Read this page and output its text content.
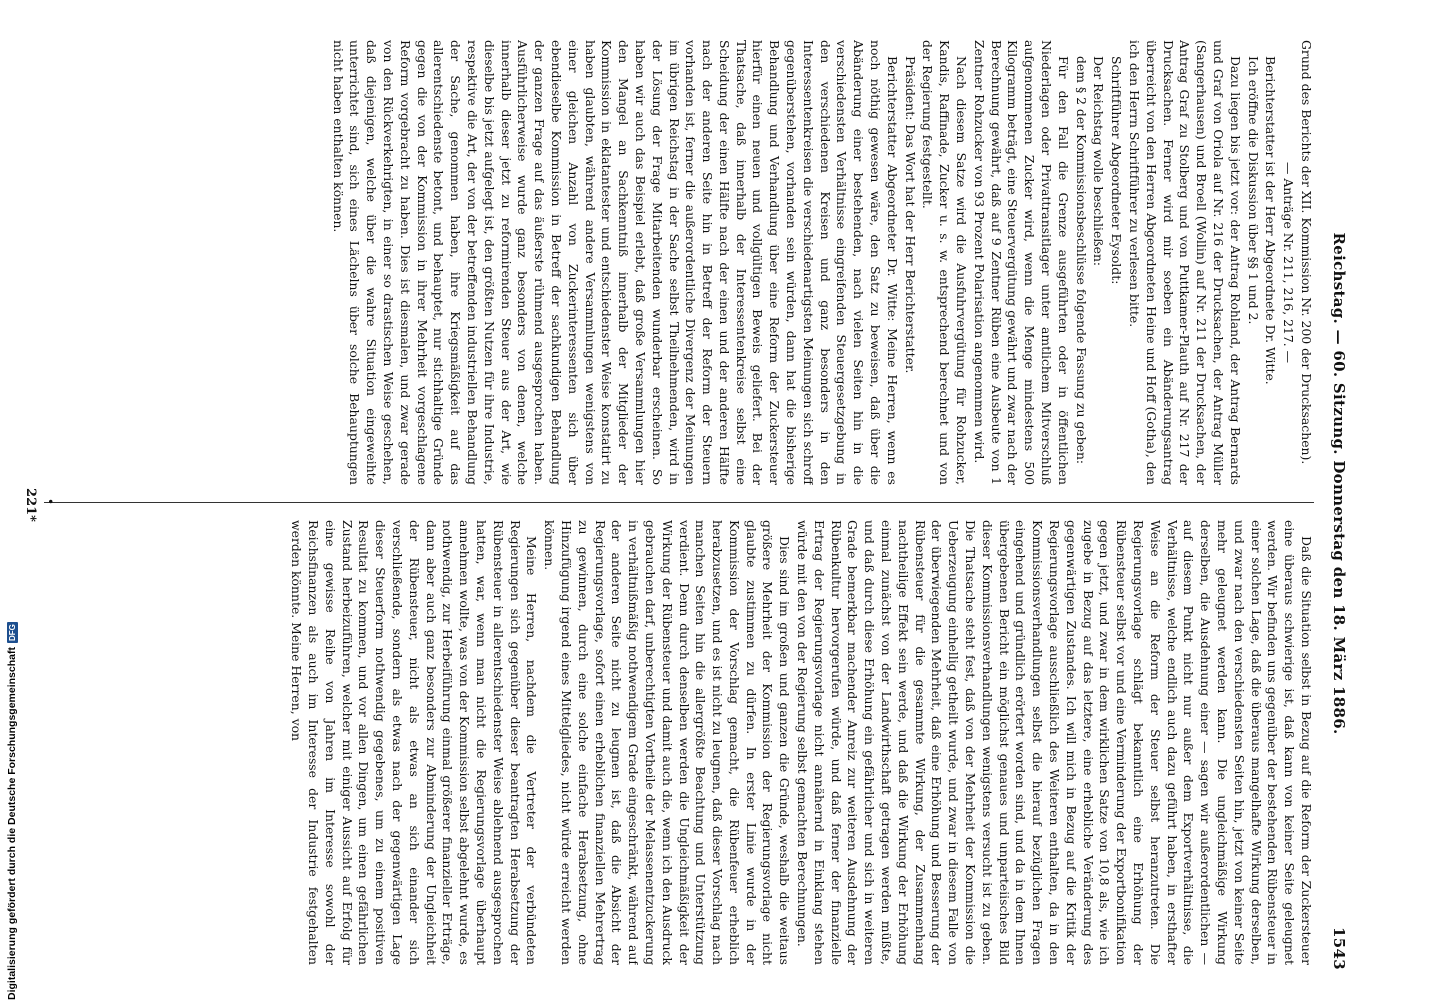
Reichstag. — 60. Sitzung. Donnerstag den 18. März 1886.
1543

Grund des Berichts der XII. Kommission Nr. 200 der Drucksachen).

— Anträge Nr. 211, 216, 217. —

Berichterstatter ist der Herr Abgeordnete Dr. Witte.

Ich eröffne die Diskussion über §§ 1 und 2.

Dazu liegen bis jetzt vor: der Antrag Rohland, der Antrag Bernards und Graf von Oriola auf Nr. 216 der Drucksachen, der Antrag Müller (Sangerhausen) und Broell (Wollin) auf Nr. 211 der Drucksachen, der Antrag Graf zu Stolberg und von Puttkamer-Plauth auf Nr. 217 der Drucksachen. Ferner wird mir soeben ein Abänderungsantrag überreicht von den Herren Abgeordneten Heine und Hoff (Gotha), den ich den Herrn Schriftführer zu verlesen bitte.

Schriftführer Abgeordneter Eysoldt:

Der Reichstag wolle beschließen:

dem § 2 der Kommissionsbeschlüsse folgende Fassung zu geben:

Für den Fall die Grenze ausgeführten oder in öffentlichen Niederlagen oder Privattransitlager unter amtlichem Mitverschluß aufgenommenen Zucker wird, wenn die Menge mindestens 500 Kilogramm beträgt, eine Steuervergütung gewährt und zwar nach der Berechnung gewährt, daß auf 9 Zentner Rüben eine Ausbeute von 1 Zentner Rohzucker von 93 Prozent Polarisation angenommen wird.

Nach diesem Satze wird die Ausfuhrvergütung für Rohzucker, Kandis, Raffinade, Zucker u. s. w. entsprechend berechnet und von der Regierung festgestellt.

Präsident: Das Wort hat der Herr Berichterstatter.

Berichterstatter Abgeordneter Dr. Witte: Meine Herren, wenn es noch nöthig gewesen wäre, den Satz zu beweisen, daß über die Abänderung einer bestehenden, nach vielen Seiten hin in die verschiedensten Verhältnisse eingreifenden Steuergesetzgebung in den verschiedenen Kreisen und ganz besonders in den Interessentenkreisen die verschiedenartigsten Meinungen sich schroff gegenüberstehen, vorhanden sein würden, dann hat die bisherige Behandlung und Verhandlung über eine Reform der Zuckersteuer hierfür einen neuen und vollgültigen Beweis geliefert. Bei der Thatsache, daß innerhalb der Interessentenkreise selbst eine Scheidung der einen Hälfte nach der einen und der anderen Hälfte nach der anderen Seite hin in Betreff der Reform der Steuern vorhanden ist, ferner die außerordentliche Divergenz der Meinungen im übrigen Reichstag in der Sache selbst Theilnehmenden, wird in der Lösung der Frage Mitarbeitenden wunderbar erscheinen. So haben wir auch das Beispiel erlebt, daß große Versammlungen hier den Mangel an Sachkenntniß innerhalb der Mitglieder der Kommission in eklatantester und entschiedenster Weise konstatirt zu haben glaubten, während andere Versammlungen wenigstens von einer gleichen Anzahl von Zuckerinteressenten sich über ebendieselbe Kommission in Betreff der sachkundigen Behandlung der ganzen Frage auf das äußerste rühmend ausgesprochen haben. Ausführlicherweise wurde ganz besonders von denen, welche innerhalb dieser jetzt zu reformirenden Steuer aus der Art, wie dieselbe bis jetzt aufgelegt ist, den größten Nutzen für ihre Industrie, respektive die Art, der von der betreffenden industriellen Behandlung der Sache, genommen haben, ihre Kriegsmäßigkeit auf das allerentschiedenste betont, und behauptet, nur stichhaltige Gründe gegen die von der Kommission in ihrer Mehrheit vorgeschlagene Reform vorgebracht zu haben. Dies ist diesmalen, und zwar gerade von den Rückverkehrigten, in einer so drastischen Weise geschehen, daß diejenigen, welche über die wahre Situation eingeweihte unterrichtet sind, sich eines Lächelns über solche Behauptungen nicht haben enthalten können.

•

Daß die Situation selbst in Bezug auf die Reform der Zuckersteuer eine überaus schwierige ist, daß kann von keiner Seite geleugnet werden. Wir befinden uns gegenüber der bestehenden Rübensteuer in einer solchen Lage, daß die überaus mangelhafte Wirkung derselben, und zwar nach den verschiedensten Seiten hin, jetzt von keiner Seite mehr geleugnet werden kann. Die ungleichmäßige Wirkung derselben, die Ausdehnung einer — sagen wir außerordentlichen — auf diesem Punkt nicht nur außer dem Exportverhältnisse, die Verhältnisse, welche endlich auch dazu geführt haben, in ersthafter Weise an die Reform der Steuer selbst heranzutreten. Die Regierungsvorlage schlägt bekanntlich eine Erhöhung der Rübensteuer selbst vor und eine Verminderung der Exportbonifikation gegen jetzt, und zwar in dem wirklichen Satze von 10,8 als, wie ich zugebe in Bezug auf das letztere, eine erhebliche Veränderung des gegenwärtigen Zustandes. Ich will mich in Bezug auf die Kritik der Regierungsvorlage ausschließlich des Weiteren enthalten, da in den Kommissionsverhandlungen selbst die hierauf bezüglichen Fragen eingehend und gründlich erörtert worden sind, und da in dem Ihnen übergebenen Bericht ein möglichst genaues und unparteiisches Bild dieser Kommissionsverhandlungen wenigstens versucht ist zu geben. Die Thatsache steht fest, daß von der Mehrheit der Kommission die Ueberzeugung einhellig getheilt wurde, und zwar in diesem Falle von der überwiegenden Mehrheit, daß eine Erhöhung und Besserung der Rübensteuer für die gesammte Wirkung, der Zusammenhang nachtheilige Effekt sein werde, und daß die Wirkung der Erhöhung einmal zunächst von der Landwirthschaft getragen werden müßte, und daß durch diese Erhöhung ein gefährlicher und sich in weiteren Grade bemerkbar machender Anreiz zur weiteren Ausdehnung der Rübenkultur hervorgerufen würde, und daß ferner der finanzielle Ertrag der Regierungsvorlage nicht annähernd in Einklang stehen würde mit den von der Regierung selbst gemachten Berechnungen.

Dies sind im großen und ganzen die Gründe, weshalb die weitaus größere Mehrheit der Kommission der Regierungsvorlage nicht glaubte zustimmen zu dürfen. In erster Linie wurde in der Kommission der Vorschlag gemacht, die Rübenfeuer erheblich herabzusetzen, und es ist nicht zu leugnen, daß dieser Vorschlag nach manchen Seiten hin die allergrößte Beachtung und Unterstützung verdient. Denn durch denselben werden die Ungleichmäßigkeit der Wirkung der Rübensteuer und damit auch die, wenn ich den Ausdruck gebrauchen darf, unberechtigten Vortheile der Melassenentzuckerung in verhältnißmäßig nothwendigem Grade eingeschränkt, während auf der anderen Seite nicht zu leugnen ist, daß die Absicht der Regierungsvorlage, sofort einen erheblichen finanziellen Mehrertrag zu gewinnen, durch eine solche einfache Herabsetzung, ohne Hinzufügung irgend eines Mittelgliedes, nicht würde erreicht werden können.

Meine Herren, nachdem die Vertreter der verbündeten Regierungen sich gegenüber dieser beantragten Herabsetzung der Rübensteuer in allerentschiedenster Weise ablehnend ausgesprochen hatten, war, wenn man nicht die Regierungsvorlage überhaupt annehmen wollte, was von der Kommission selbst abgelehnt wurde, es nothwendig, zur Herbeiführung einmal größerer finanzieller Erträge, dann aber auch ganz besonders zur Abminderung der Ungleichheit der Rübensteuer, nicht als etwas an sich einander sich verschließende, sondern als etwas nach der gegenwärtigen Lage dieser Steuerform nothwendig gegebenes, um zu einem positiven Resultat zu kommen, und vor allen Dingen, um einen gefährlichen Zustand herbeizuführen, welcher mit einiger Aussicht auf Erfolg für eine gewisse Reihe von Jahren im Interesse sowohl der Reichsfinanzen als auch im Interesse der Industrie festgehalten werden könnte. Meine Herren, von

221*
Digitalisierung gefördert durch die Deutsche Forschungsgemeinschaft
DFG
